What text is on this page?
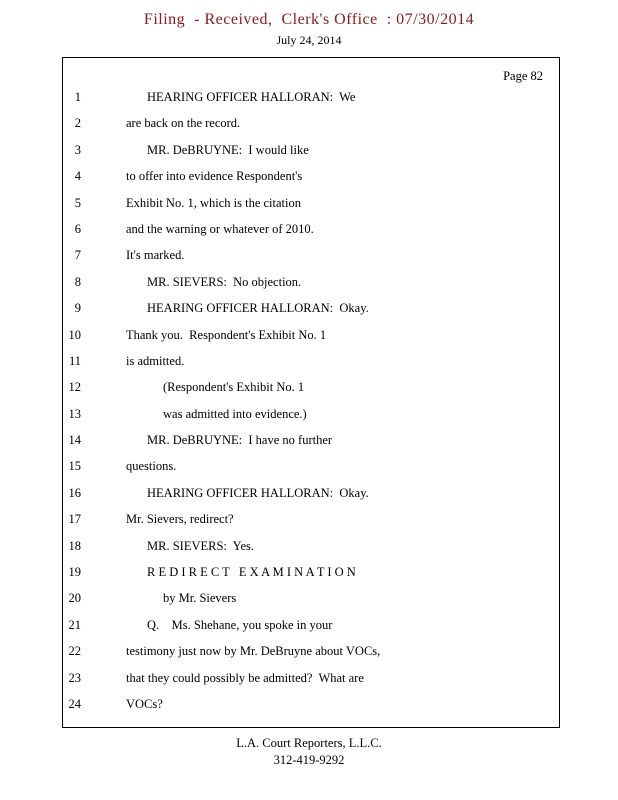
Filing  - Received,  Clerk's Office  : 07/30/2014
July 24, 2014
Page 82
1	HEARING OFFICER HALLORAN:  We
2	are back on the record.
3	MR. DeBRUYNE:  I would like
4	to offer into evidence Respondent's
5	Exhibit No. 1, which is the citation
6	and the warning or whatever of 2010.
7	It's marked.
8	MR. SIEVERS:  No objection.
9	HEARING OFFICER HALLORAN:  Okay.
10	Thank you.  Respondent's Exhibit No. 1
11	is admitted.
12	(Respondent's Exhibit No. 1
13	was admitted into evidence.)
14	MR. DeBRUYNE:  I have no further
15	questions.
16	HEARING OFFICER HALLORAN:  Okay.
17	Mr. Sievers, redirect?
18	MR. SIEVERS:  Yes.
19	R E D I R E C T   E X A M I N A T I O N
20	by Mr. Sievers
21	Q.    Ms. Shehane, you spoke in your
22	testimony just now by Mr. DeBruyne about VOCs,
23	that they could possibly be admitted?  What are
24	VOCs?
L.A. Court Reporters, L.L.C.
312-419-9292
